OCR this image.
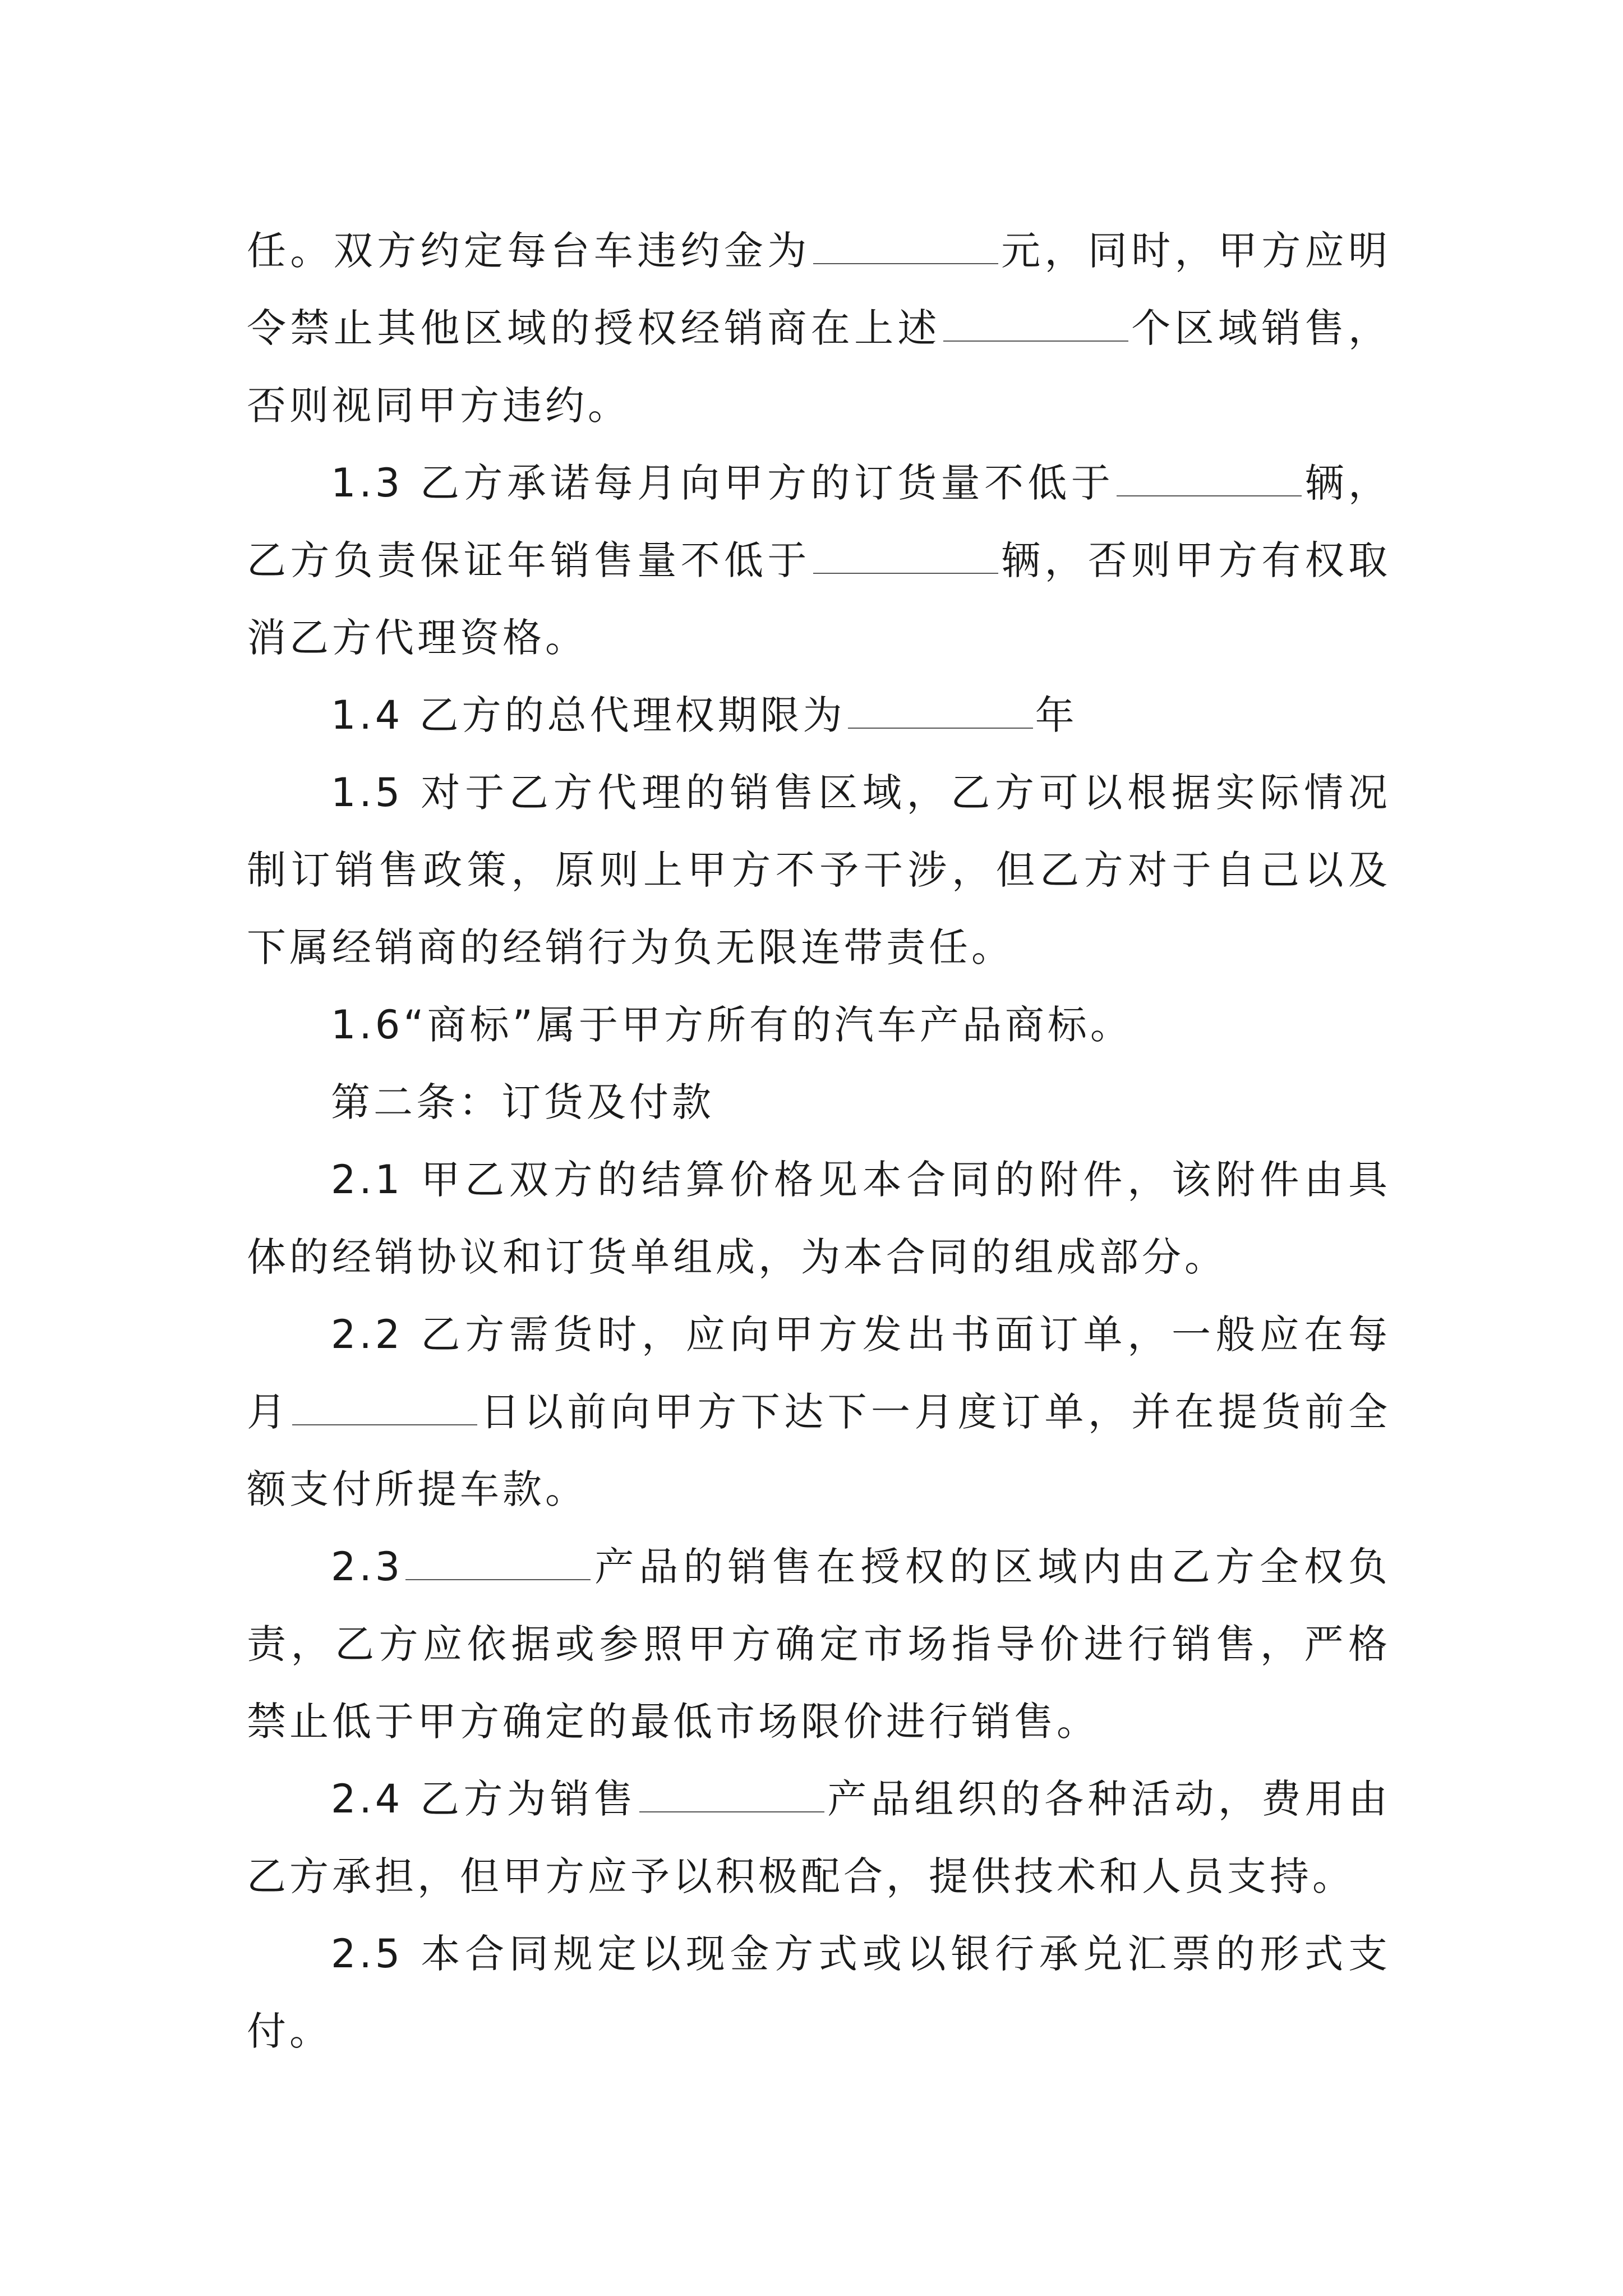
任。双方约定每台车违约金为	元，同时，甲方应明令禁止其他区域的授权经销商在上述	个区域销售，否则视同甲方违约。

1.3 乙方承诺每月向甲方的订货量不低于	辆，乙方负责保证年销售量不低于	辆，否则甲方有权取消乙方代理资格。

1.4 乙方的总代理权期限为	年

1.5 对于乙方代理的销售区域，乙方可以根据实际情况制订销售政策，原则上甲方不予干涉，但乙方对于自己以及下属经销商的经销行为负无限连带责任。

1.6“商标”属于甲方所有的汽车产品商标。

第二条：订货及付款

2.1 甲乙双方的结算价格见本合同的附件，该附件由具体的经销协议和订货单组成，为本合同的组成部分。

2.2 乙方需货时，应向甲方发出书面订单，一般应在每月	日以前向甲方下达下一月度订单，并在提货前全额支付所提车款。

2.3	产品的销售在授权的区域内由乙方全权负责，乙方应依据或参照甲方确定市场指导价进行销售，严格禁止低于甲方确定的最低市场限价进行销售。

2.4 乙方为销售	产品组织的各种活动，费用由乙方承担，但甲方应予以积极配合，提供技术和人员支持。

2.5 本合同规定以现金方式或以银行承兑汇票的形式支付。
